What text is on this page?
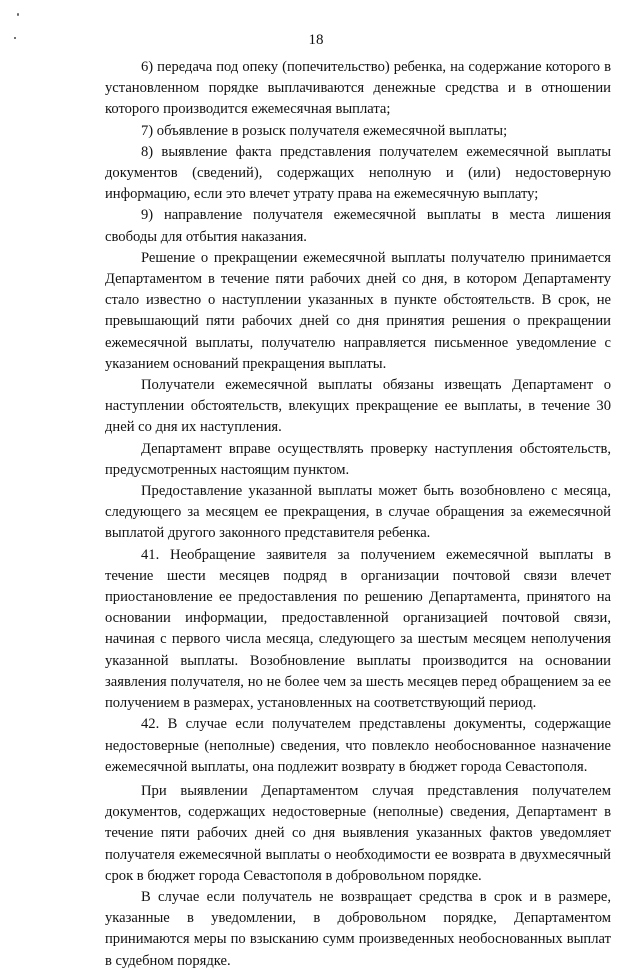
18

6) передача под опеку (попечительство) ребенка, на содержание которого в установленном порядке выплачиваются денежные средства и в отношении которого производится ежемесячная выплата;

7) объявление в розыск получателя ежемесячной выплаты;

8) выявление факта представления получателем ежемесячной выплаты документов (сведений), содержащих неполную и (или) недостоверную информацию, если это влечет утрату права на ежемесячную выплату;

9) направление получателя ежемесячной выплаты в места лишения свободы для отбытия наказания.

Решение о прекращении ежемесячной выплаты получателю принимается Департаментом в течение пяти рабочих дней со дня, в котором Департаменту стало известно о наступлении указанных в пункте обстоятельств. В срок, не превышающий пяти рабочих дней со дня принятия решения о прекращении ежемесячной выплаты, получателю направляется письменное уведомление с указанием оснований прекращения выплаты.

Получатели ежемесячной выплаты обязаны извещать Департамент о наступлении обстоятельств, влекущих прекращение ее выплаты, в течение 30 дней со дня их наступления.

Департамент вправе осуществлять проверку наступления обстоятельств, предусмотренных настоящим пунктом.

Предоставление указанной выплаты может быть возобновлено с месяца, следующего за месяцем ее прекращения, в случае обращения за ежемесячной выплатой другого законного представителя ребенка.

41. Необращение заявителя за получением ежемесячной выплаты в течение шести месяцев подряд в организации почтовой связи влечет приостановление ее предоставления по решению Департамента, принятого на основании информации, предоставленной организацией почтовой связи, начиная с первого числа месяца, следующего за шестым месяцем неполучения указанной выплаты. Возобновление выплаты производится на основании заявления получателя, но не более чем за шесть месяцев перед обращением за ее получением в размерах, установленных на соответствующий период.

42. В случае если получателем представлены документы, содержащие недостоверные (неполные) сведения, что повлекло необоснованное назначение ежемесячной выплаты, она подлежит возврату в бюджет города Севастополя.

При выявлении Департаментом случая представления получателем документов, содержащих недостоверные (неполные) сведения, Департамент в течение пяти рабочих дней со дня выявления указанных фактов уведомляет получателя ежемесячной выплаты о необходимости ее возврата в двухмесячный срок в бюджет города Севастополя в добровольном порядке.

В случае если получатель не возвращает средства в срок и в размере, указанные в уведомлении, в добровольном порядке, Департаментом принимаются меры по взысканию сумм произведенных необоснованных выплат в судебном порядке.
